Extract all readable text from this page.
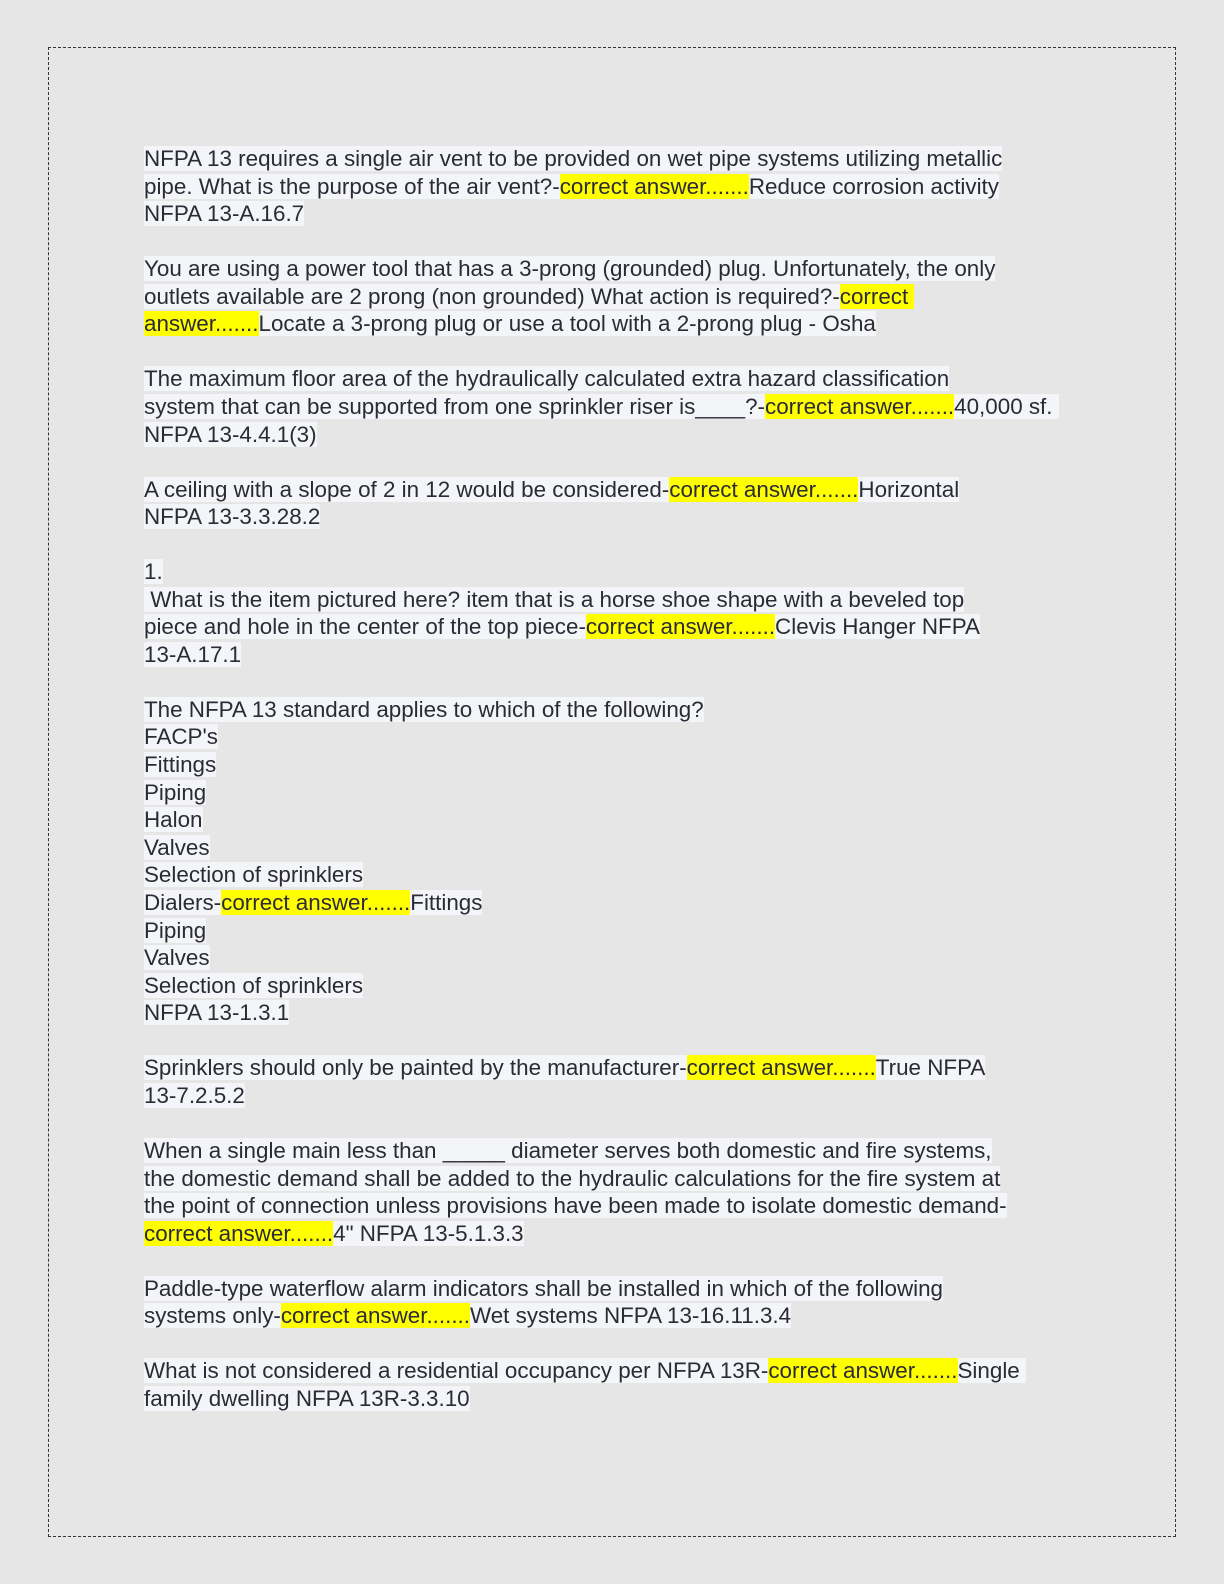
NFPA 13 requires a single air vent to be provided on wet pipe systems utilizing metallic
pipe. What is the purpose of the air vent?-correct answer.......Reduce corrosion activity
NFPA 13-A.16.7
You are using a power tool that has a 3-prong (grounded) plug. Unfortunately, the only
outlets available are 2 prong (non grounded) What action is required?-correct answer.......Locate a 3-prong plug or use a tool with a 2-prong plug - Osha
The maximum floor area of the hydraulically calculated extra hazard classification
system that can be supported from one sprinkler riser is____?-correct answer.......40,000 sf. NFPA 13-4.4.1(3)
A ceiling with a slope of 2 in 12 would be considered-correct answer.......Horizontal
NFPA 13-3.3.28.2
1.
What is the item pictured here? item that is a horse shoe shape with a beveled top
piece and hole in the center of the top piece-correct answer.......Clevis Hanger NFPA
13-A.17.1
The NFPA 13 standard applies to which of the following?
FACP's
Fittings
Piping
Halon
Valves
Selection of sprinklers
Dialers-correct answer.......Fittings
Piping
Valves
Selection of sprinklers
NFPA 13-1.3.1
Sprinklers should only be painted by the manufacturer-correct answer.......True NFPA
13-7.2.5.2
When a single main less than _____ diameter serves both domestic and fire systems,
the domestic demand shall be added to the hydraulic calculations for the fire system at
the point of connection unless provisions have been made to isolate domestic demand-
correct answer.......4" NFPA 13-5.1.3.3
Paddle-type waterflow alarm indicators shall be installed in which of the following
systems only-correct answer.......Wet systems NFPA 13-16.11.3.4
What is not considered a residential occupancy per NFPA 13R-correct answer.......Single family dwelling NFPA 13R-3.3.10
